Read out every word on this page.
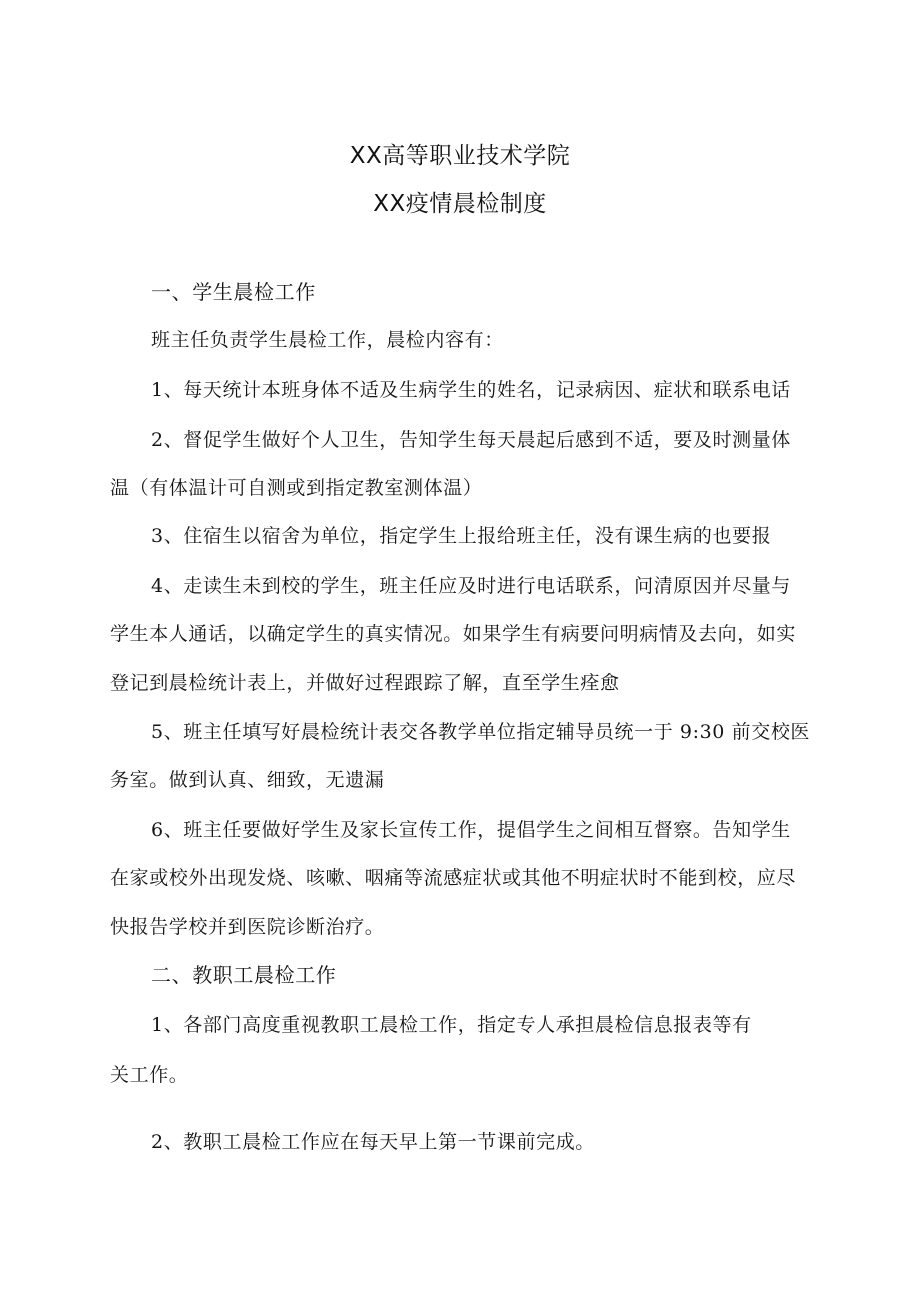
XX高等职业技术学院
XX疫情晨检制度
一、学生晨检工作
班主任负责学生晨检工作，晨检内容有：
1、每天统计本班身体不适及生病学生的姓名，记录病因、症状和联系电话
2、督促学生做好个人卫生，告知学生每天晨起后感到不适，要及时测量体
温（有体温计可自测或到指定教室测体温）
3、住宿生以宿舍为单位，指定学生上报给班主任，没有课生病的也要报
4、走读生未到校的学生，班主任应及时进行电话联系，问清原因并尽量与
学生本人通话，以确定学生的真实情况。如果学生有病要问明病情及去向，如实
登记到晨检统计表上，并做好过程跟踪了解，直至学生痊愈
5、班主任填写好晨检统计表交各教学单位指定辅导员统一于 9:30 前交校医
务室。做到认真、细致，无遗漏
6、班主任要做好学生及家长宣传工作，提倡学生之间相互督察。告知学生
在家或校外出现发烧、咳嗽、咽痛等流感症状或其他不明症状时不能到校，应尽
快报告学校并到医院诊断治疗。
二、教职工晨检工作
1、各部门高度重视教职工晨检工作，指定专人承担晨检信息报表等有
关工作。
2、教职工晨检工作应在每天早上第一节课前完成。
